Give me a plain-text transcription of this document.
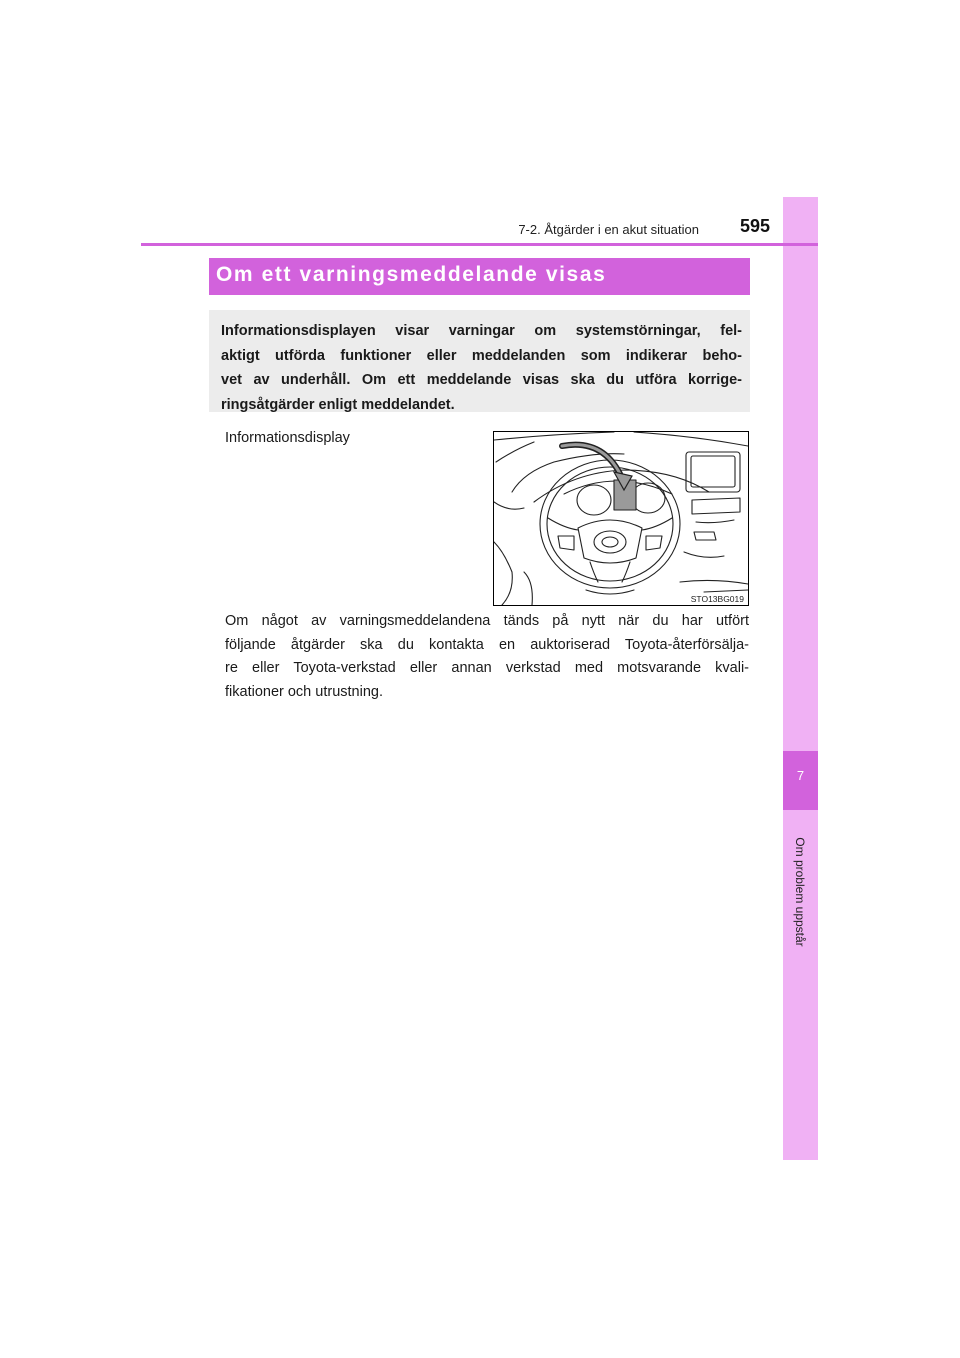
7
Om problem uppstår
7-2. Åtgärder i en akut situation 595
Om ett varningsmeddelande visas
Informationsdisplayen visar varningar om systemstörningar, fel-
aktigt utförda funktioner eller meddelanden som indikerar beho-
vet av underhåll. Om ett meddelande visas ska du utföra korrige-
ringsåtgärder enligt meddelandet.
Informationsdisplay
STO13BG019
Om något av varningsmeddelandena tänds på nytt när du har utfört
följande åtgärder ska du kontakta en auktoriserad Toyota-återförsälja-
re eller Toyota-verkstad eller annan verkstad med motsvarande kvali-
fikationer och utrustning.
